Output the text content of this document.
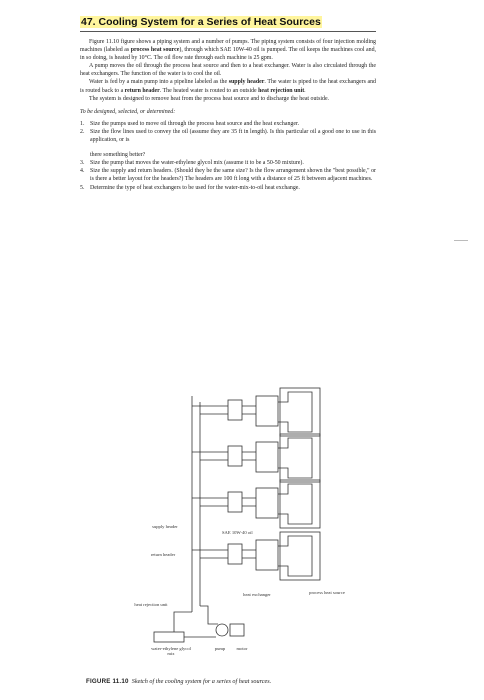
47. Cooling System for a Series of Heat Sources

Figure 11.10 figure shows a piping system and a number of pumps. The piping system consists of four injection molding machines (labeled as process heat source), through which SAE 10W-40 oil is pumped. The oil keeps the machines cool and, in so doing, is heated by 10°C. The oil flow rate through each machine is 25 gpm.

A pump moves the oil through the process heat source and then to a heat exchanger. Water is also circulated through the heat exchangers. The function of the water is to cool the oil.

Water is fed by a main pump into a pipeline labeled as the supply header. The water is piped to the heat exchangers and is routed back to a return header. The heated water is routed to an outside heat rejection unit.

The system is designed to remove heat from the process heat source and to discharge the heat outside.

To be designed, selected, or determined:

1. Size the pumps used to move oil through the process heat source and the heat exchanger.
2. Size the flow lines used to convey the oil (assume they are 35 ft in length). Is this particular oil a good one to use in this application, or is
there something better?
3. Size the pump that moves the water-ethylene glycol mix (assume it to be a 50-50 mixture).
4. Size the supply and return headers. (Should they be the same size? Is the flow arrangement shown the "best possible," or is there a better layout for the headers?) The headers are 100 ft long with a distance of 25 ft between adjacent machines.
5. Determine the type of heat exchangers to be used for the water-mix-to-oil heat exchange.
supply header
return header
SAE 10W-40 oil
process heat source
heat exchanger
heat rejection unit
water-ethylene glycol mix
pump	motor
FIGURE 11.10 Sketch of the cooling system for a series of heat sources.
